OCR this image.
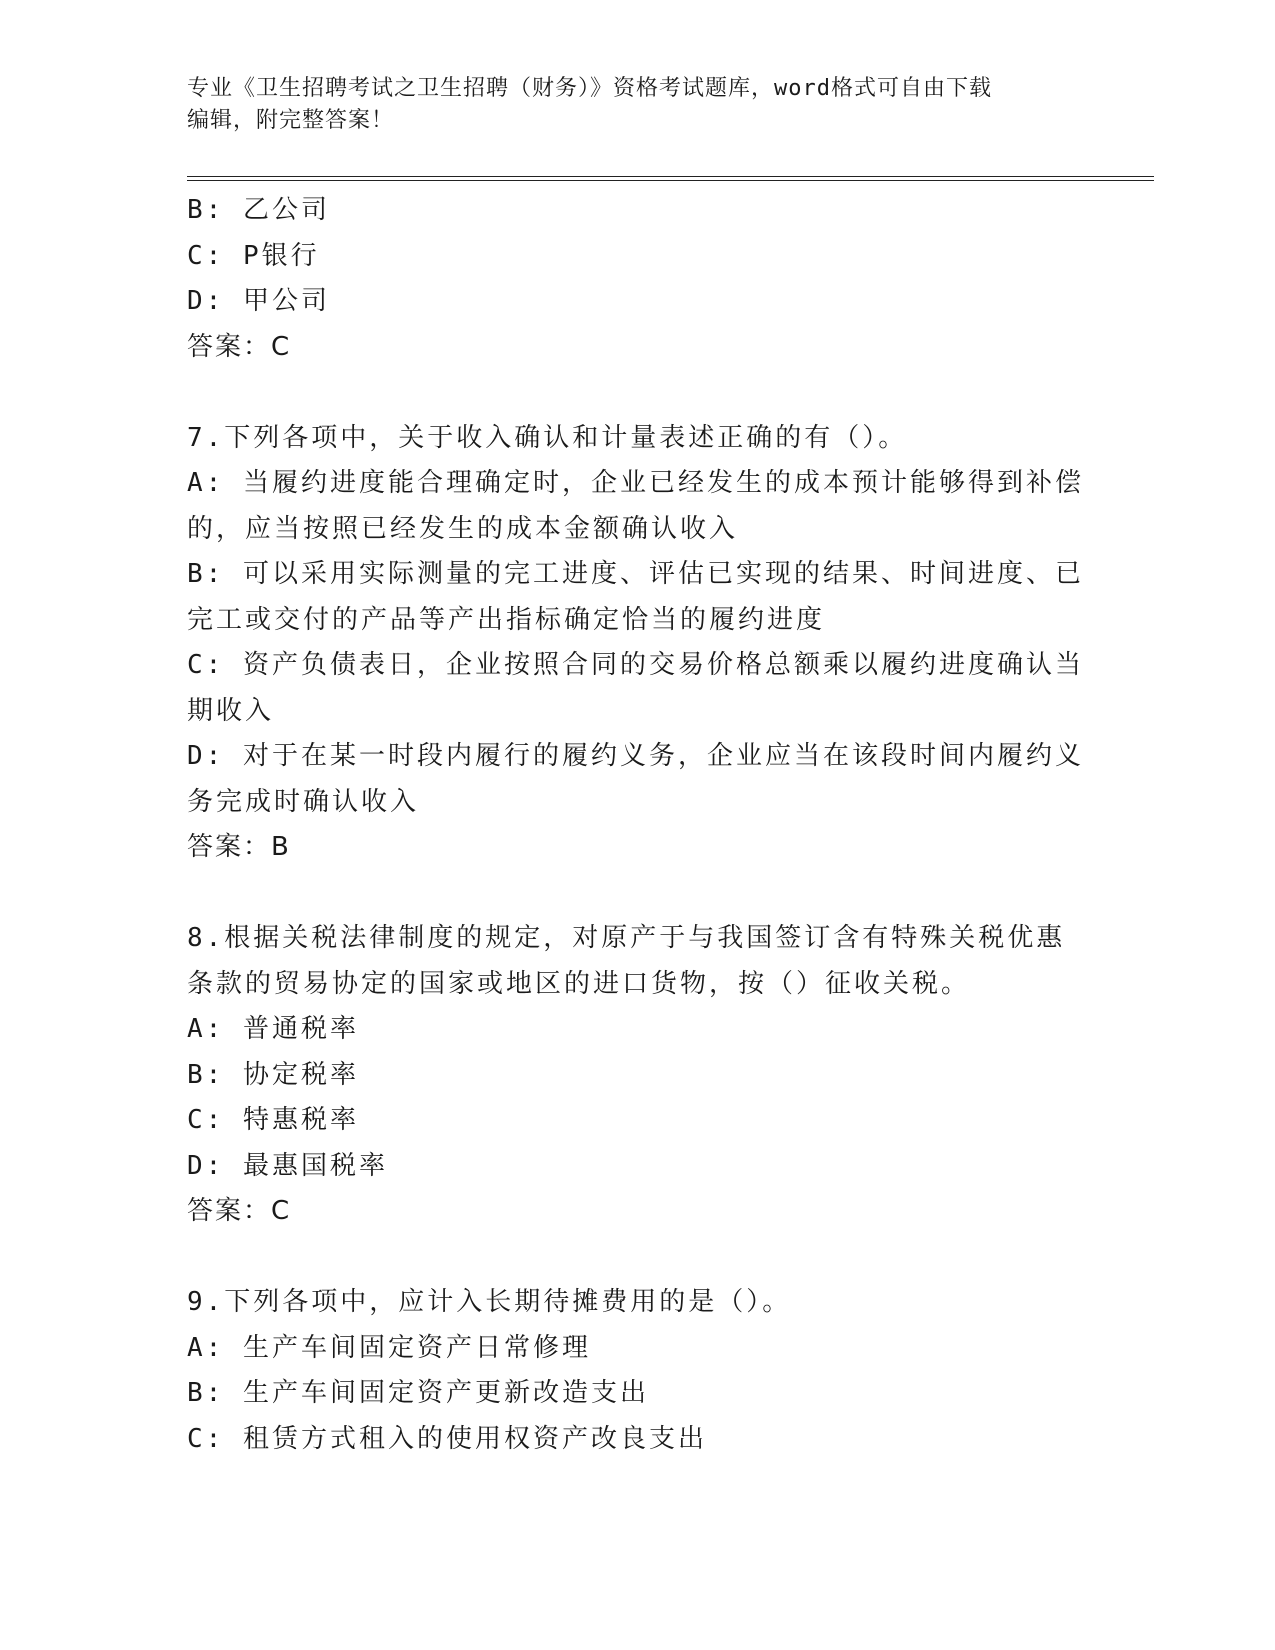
专业《卫生招聘考试之卫生招聘（财务）》资格考试题库，word格式可自由下载
编辑，附完整答案！
B: 乙公司
C: P银行
D: 甲公司
答案：C
7.下列各项中，关于收入确认和计量表述正确的有（）。
A: 当履约进度能合理确定时，企业已经发生的成本预计能够得到补偿
的，应当按照已经发生的成本金额确认收入
B: 可以采用实际测量的完工进度、评估已实现的结果、时间进度、已
完工或交付的产品等产出指标确定恰当的履约进度
C: 资产负债表日，企业按照合同的交易价格总额乘以履约进度确认当
期收入
D: 对于在某一时段内履行的履约义务，企业应当在该段时间内履约义
务完成时确认收入
答案：B
8.根据关税法律制度的规定，对原产于与我国签订含有特殊关税优惠
条款的贸易协定的国家或地区的进口货物，按（）征收关税。
A: 普通税率
B: 协定税率
C: 特惠税率
D: 最惠国税率
答案：C
9.下列各项中，应计入长期待摊费用的是（）。
A: 生产车间固定资产日常修理
B: 生产车间固定资产更新改造支出
C: 租赁方式租入的使用权资产改良支出
